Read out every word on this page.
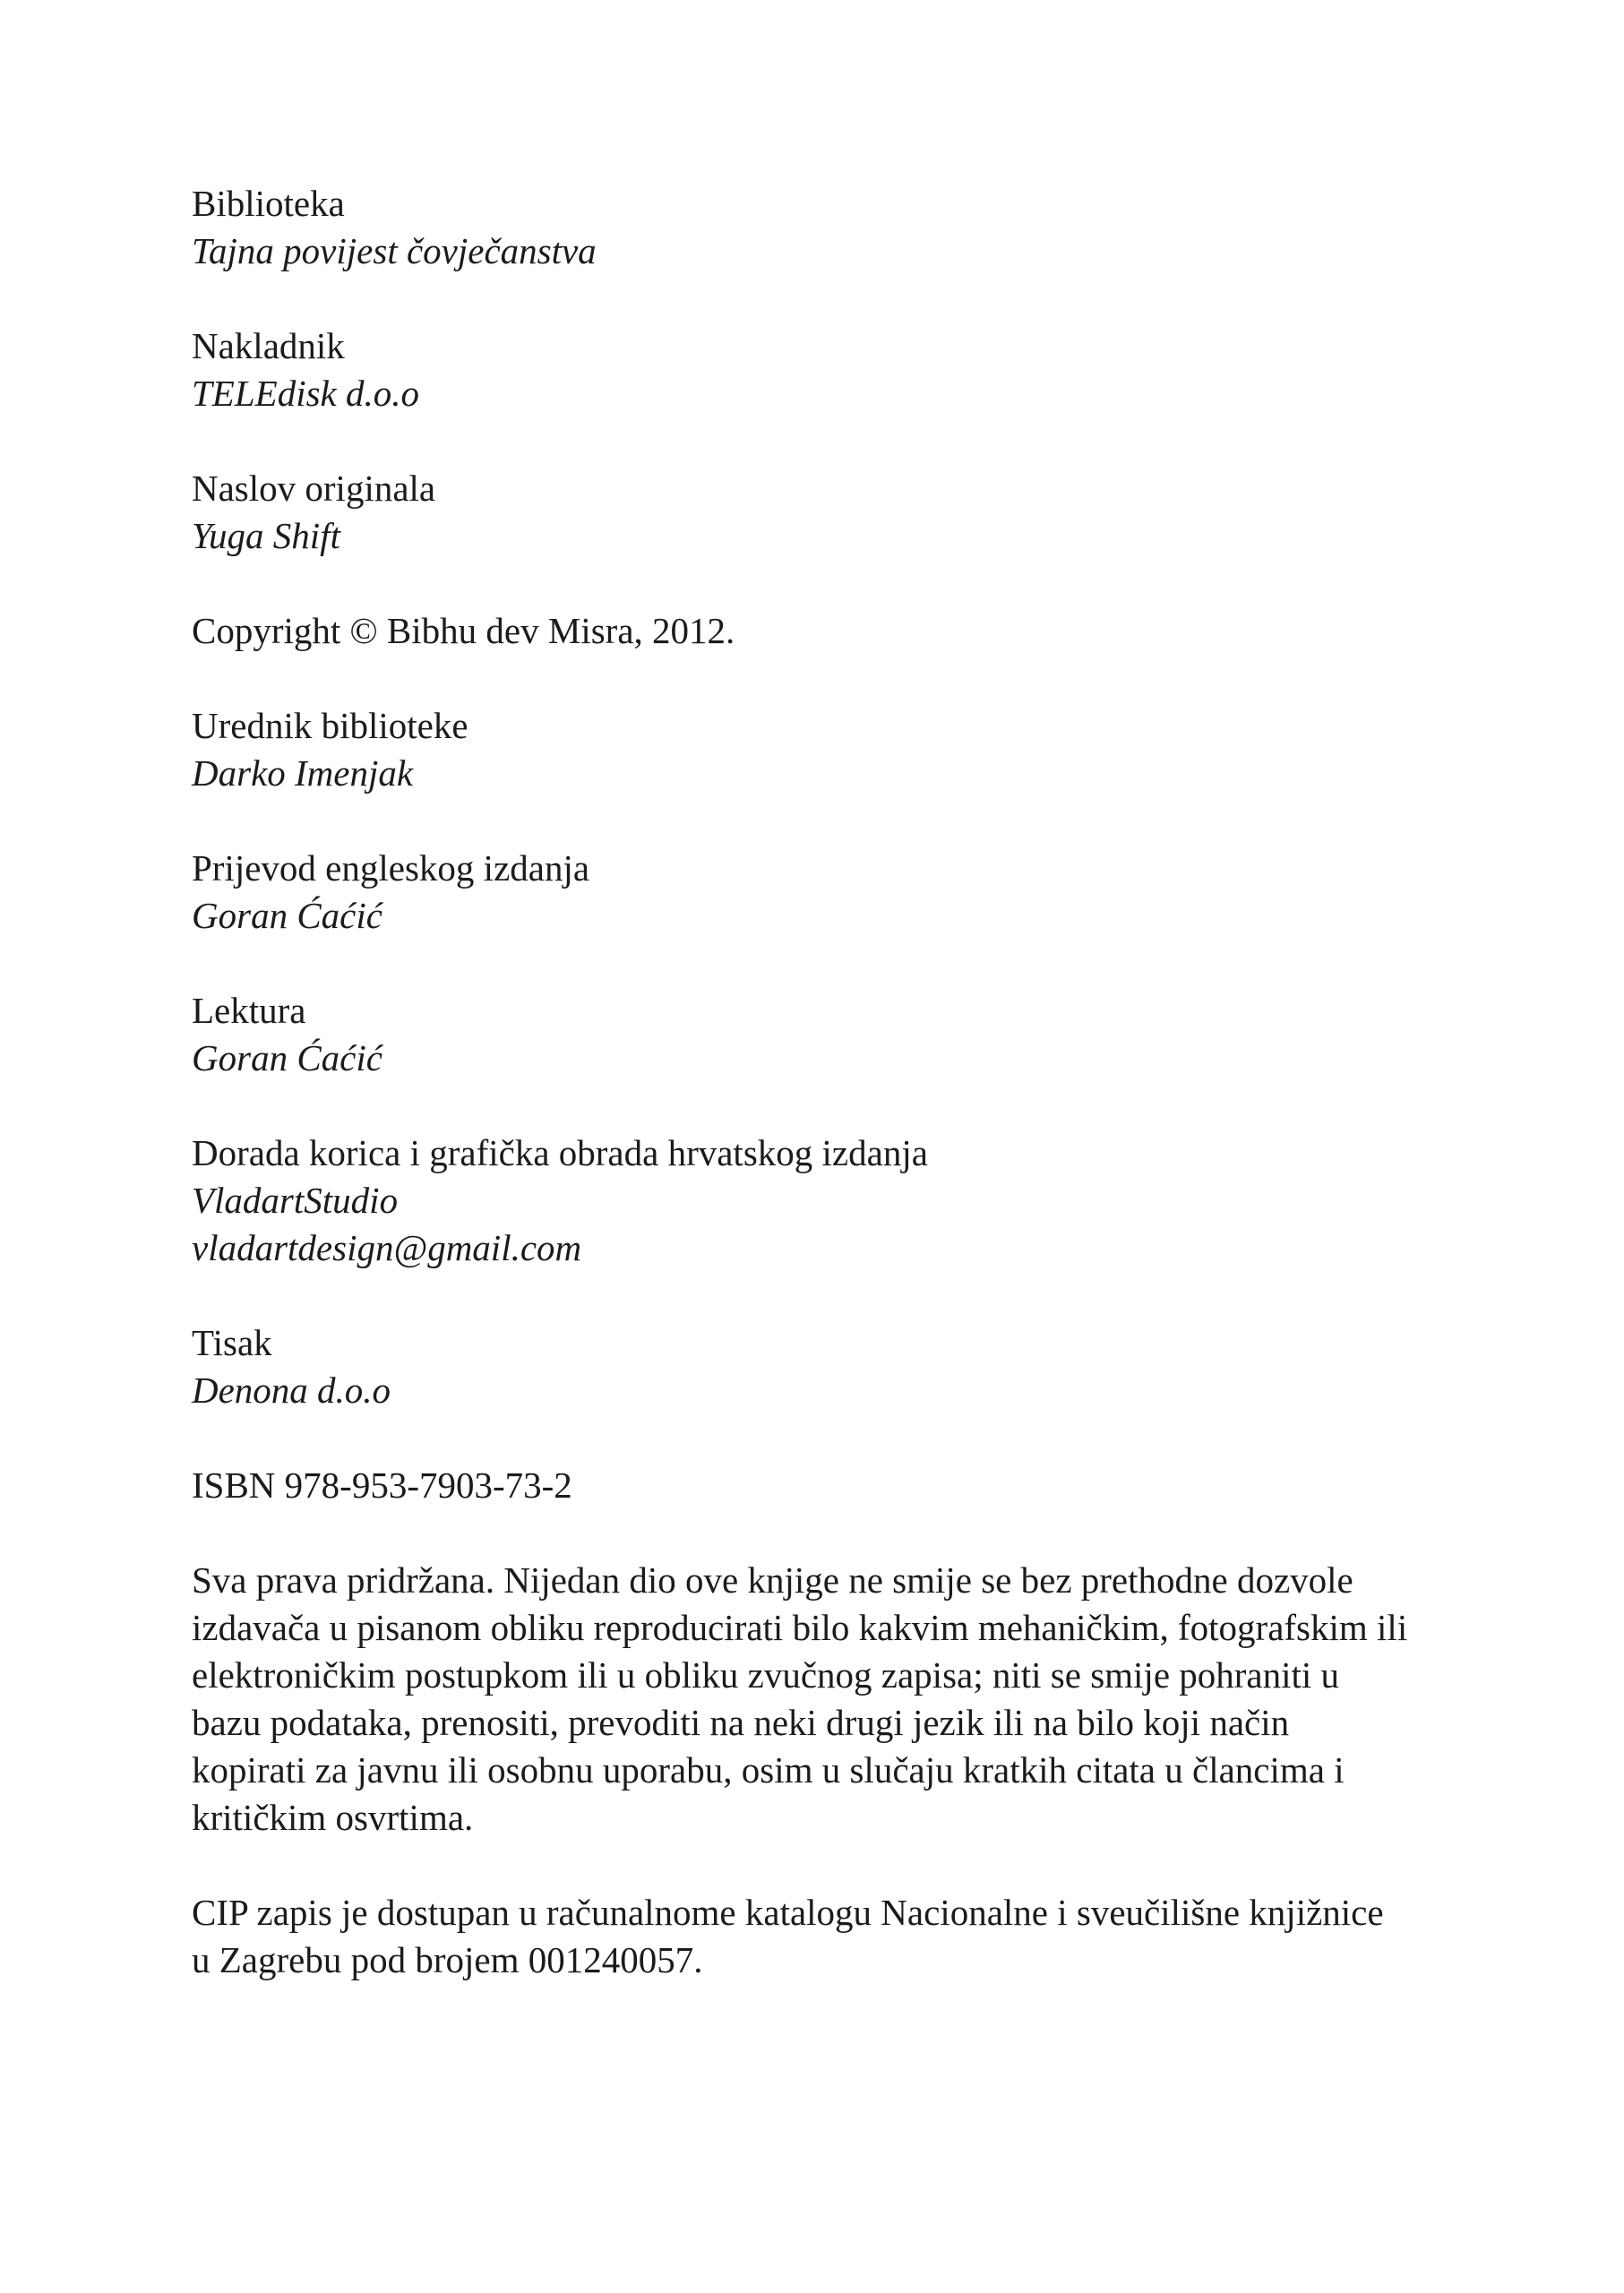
Biblioteka

Tajna povijest čovječanstva

Nakladnik

TELEdisk d.o.o

Naslov originala

Yuga Shift

Copyright © Bibhu dev Misra, 2012.

Urednik biblioteke

Darko Imenjak

Prijevod engleskog izdanja

Goran Ćaćić

Lektura

Goran Ćaćić

Dorada korica i grafička obrada hrvatskog izdanja

VladartStudio

vladartdesign@gmail.com

Tisak

Denona d.o.o

ISBN 978-953-7903-73-2

Sva prava pridržana. Nijedan dio ove knjige ne smije se bez prethodne dozvole izdavača u pisanom obliku reproducirati bilo kakvim mehaničkim, fotografskim ili elektroničkim postupkom ili u obliku zvučnog zapisa; niti se smije pohraniti u bazu podataka, prenositi, prevoditi na neki drugi jezik ili na bilo koji način kopirati za javnu ili osobnu uporabu, osim u slučaju kratkih citata u člancima i kritičkim osvrtima.

CIP zapis je dostupan u računalnome katalogu Nacionalne i sveučilišne knjižnice u Zagrebu pod brojem 001240057.
